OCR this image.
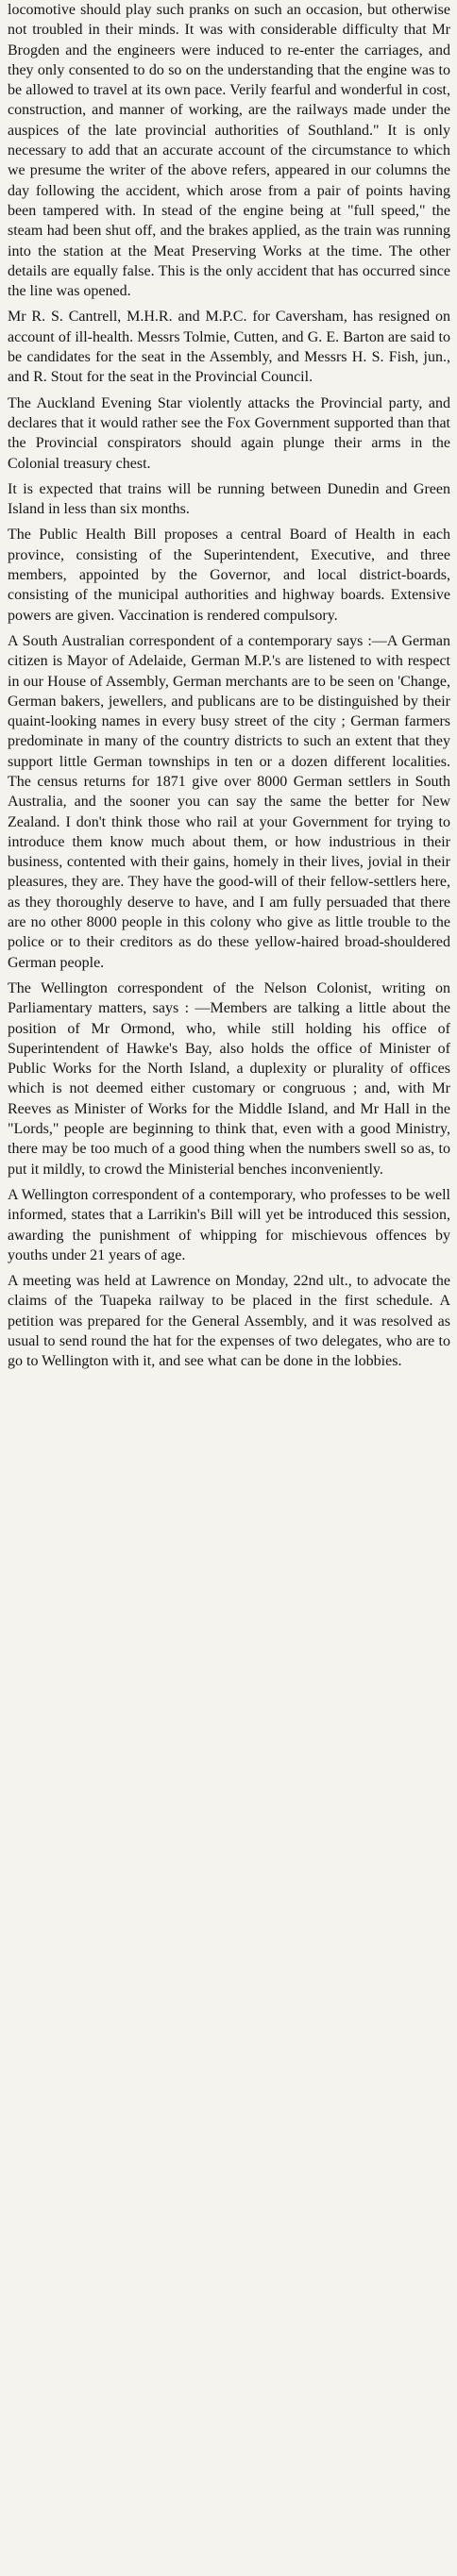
locomotive should play such pranks on such an occasion, but otherwise not troubled in their minds. It was with considerable difficulty that Mr Brogden and the engineers were induced to re-enter the carriages, and they only consented to do so on the understanding that the engine was to be allowed to travel at its own pace. Verily fearful and wonderful in cost, construction, and manner of working, are the railways made under the auspices of the late provincial authorities of Southland." It is only necessary to add that an accurate account of the circumstance to which we presume the writer of the above refers, appeared in our columns the day following the accident, which arose from a pair of points having been tampered with. In stead of the engine being at "full speed," the steam had been shut off, and the brakes applied, as the train was running into the station at the Meat Preserving Works at the time. The other details are equally false. This is the only accident that has occurred since the line was opened.

Mr R. S. Cantrell, M.H.R. and M.P.C. for Caversham, has resigned on account of ill-health. Messrs Tolmie, Cutten, and G. E. Barton are said to be candidates for the seat in the Assembly, and Messrs H. S. Fish, jun., and R. Stout for the seat in the Provincial Council.

The Auckland Evening Star violently attacks the Provincial party, and declares that it would rather see the Fox Government supported than that the Provincial conspirators should again plunge their arms in the Colonial treasury chest.

It is expected that trains will be running between Dunedin and Green Island in less than six months.

The Public Health Bill proposes a central Board of Health in each province, consisting of the Superintendent, Executive, and three members, appointed by the Governor, and local district-boards, consisting of the municipal authorities and highway boards. Extensive powers are given. Vaccination is rendered compulsory.

A South Australian correspondent of a contemporary says :—A German citizen is Mayor of Adelaide, German M.P.'s are listened to with respect in our House of Assembly, German merchants are to be seen on 'Change, German bakers, jewellers, and publicans are to be distinguished by their quaint-looking names in every busy street of the city ; German farmers predominate in many of the country districts to such an extent that they support little German townships in ten or a dozen different localities. The census returns for 1871 give over 8000 German settlers in South Australia, and the sooner you can say the same the better for New Zealand. I don't think those who rail at your Government for trying to introduce them know much about them, or how industrious in their business, contented with their gains, homely in their lives, jovial in their pleasures, they are. They have the good-will of their fellow-settlers here, as they thoroughly deserve to have, and I am fully persuaded that there are no other 8000 people in this colony who give as little trouble to the police or to their creditors as do these yellow-haired broad-shouldered German people.

The Wellington correspondent of the Nelson Colonist, writing on Parliamentary matters, says : —Members are talking a little about the position of Mr Ormond, who, while still holding his office of Superintendent of Hawke's Bay, also holds the office of Minister of Public Works for the North Island, a duplexity or plurality of offices which is not deemed either customary or congruous ; and, with Mr Reeves as Minister of Works for the Middle Island, and Mr Hall in the "Lords," people are beginning to think that, even with a good Ministry, there may be too much of a good thing when the numbers swell so as, to put it mildly, to crowd the Ministerial benches inconveniently.

A Wellington correspondent of a contemporary, who professes to be well informed, states that a Larrikin's Bill will yet be introduced this session, awarding the punishment of whipping for mischievous offences by youths under 21 years of age.

A meeting was held at Lawrence on Monday, 22nd ult., to advocate the claims of the Tuapeka railway to be placed in the first schedule. A petition was prepared for the General Assembly, and it was resolved as usual to send round the hat for the expenses of two delegates, who are to go to Wellington with it, and see what can be done in the lobbies.
